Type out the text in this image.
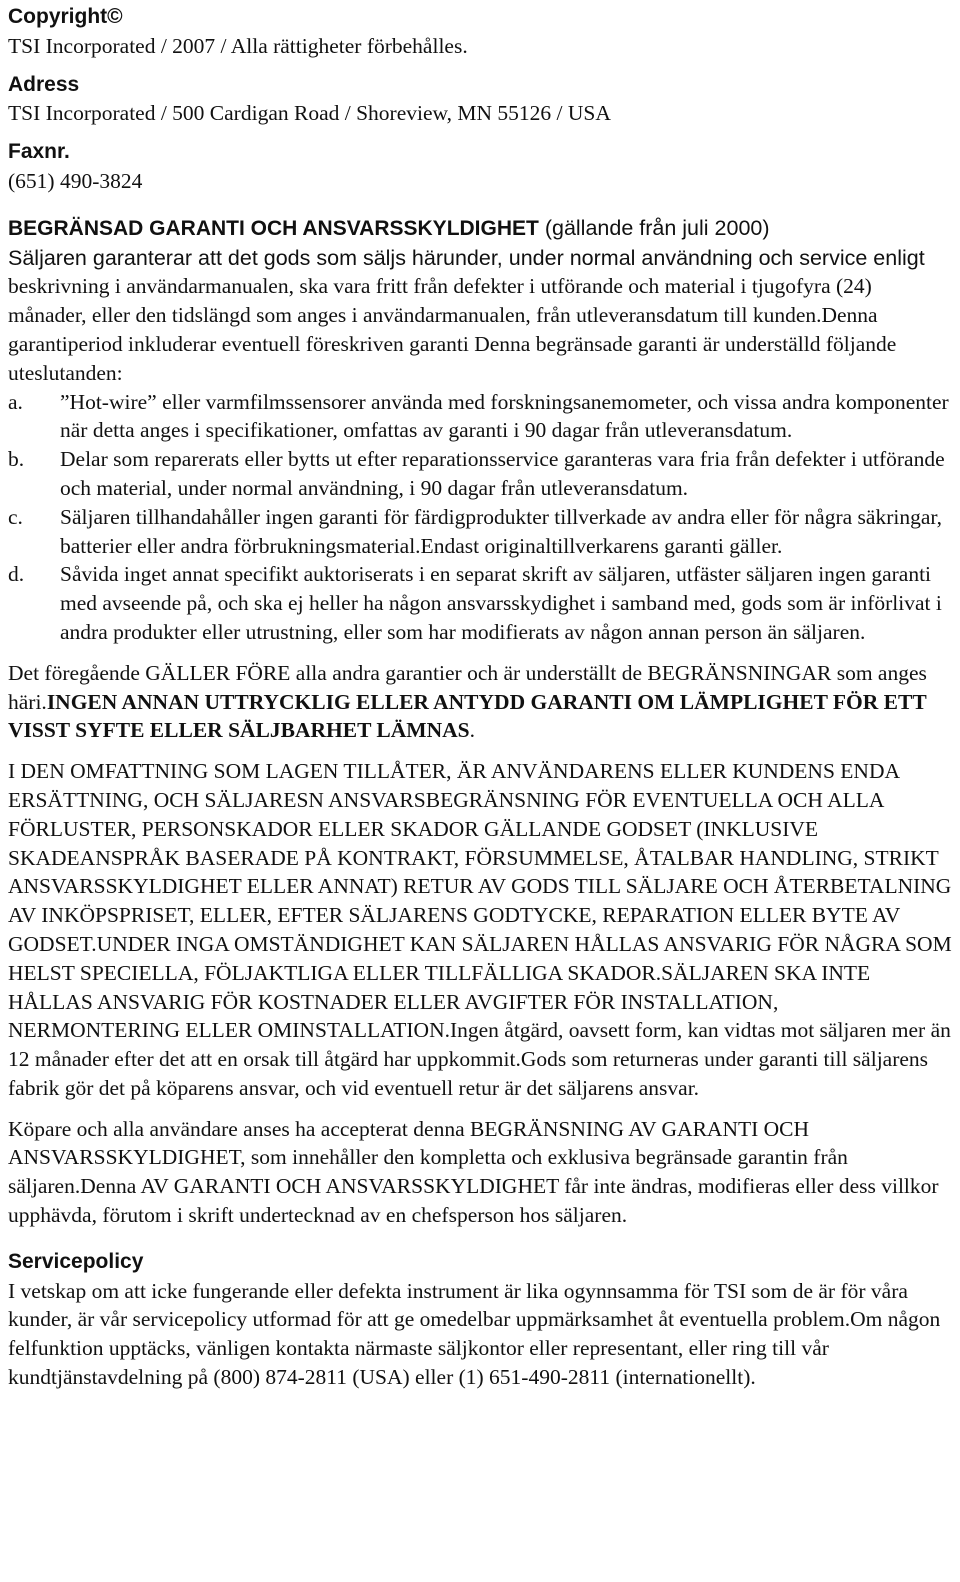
Copyright©
TSI Incorporated / 2007 / Alla rättigheter förbehålles.
Adress
TSI Incorporated / 500 Cardigan Road / Shoreview, MN 55126 / USA
Faxnr.
(651) 490-3824
BEGRÄNSAD GARANTI OCH ANSVARSSKYLDIGHET (gällande från juli 2000)
Säljaren garanterar att det gods som säljs härunder, under normal användning och service enligt
beskrivning i användarmanualen, ska vara fritt från defekter i utförande och material i tjugofyra (24) månader, eller den tidslängd som anges i användarmanualen, från utleveransdatum till kunden.Denna garantiperiod inkluderar eventuell föreskriven garanti Denna begränsade garanti är underställd följande uteslutanden:
a. ”Hot-wire” eller varmfilmssensorer använda med forskningsanemometer, och vissa andra komponenter när detta anges i specifikationer, omfattas av garanti i 90 dagar från utleveransdatum.
b. Delar som reparerats eller bytts ut efter reparationsservice garanteras vara fria från defekter i utförande och material, under normal användning, i 90 dagar från utleveransdatum.
c. Säljaren tillhandahåller ingen garanti för färdigprodukter tillverkade av andra eller för några säkringar, batterier eller andra förbrukningsmaterial.Endast originaltillverkarens garanti gäller.
d. Såvida inget annat specifikt auktoriserats i en separat skrift av säljaren, utfäster säljaren ingen garanti med avseende på, och ska ej heller ha någon ansvarsskydighet i samband med, gods som är införlivat i andra produkter eller utrustning, eller som har modifierats av någon annan person än säljaren.

Det föregående GÄLLER FÖRE alla andra garantier och är underställt de BEGRÄNSNINGAR som anges häri.INGEN ANNAN UTTRYCKLIG ELLER ANTYDD GARANTI OM LÄMPLIGHET FÖR ETT VISST SYFTE ELLER SÄLJBARHET LÄMNAS.

I DEN OMFATTNING SOM LAGEN TILLÅTER, ÄR ANVÄNDARENS ELLER KUNDENS ENDA ERSÄTTNING, OCH SÄLJARESN ANSVARSBEGRÄNSNING FÖR EVENTUELLA OCH ALLA FÖRLUSTER, PERSONSKADOR ELLER SKADOR GÄLLANDE GODSET (INKLUSIVE SKADEANSPRÅK BASERADE PÅ KONTRAKT, FÖRSUMMELSE, ÅTALBAR HANDLING, STRIKT ANSVARSSKYLDIGHET ELLER ANNAT) RETUR AV GODS TILL SÄLJARE OCH ÅTERBETALNING AV INKÖPSPRISET, ELLER, EFTER SÄLJARENS GODTYCKE, REPARATION ELLER BYTE AV GODSET.UNDER INGA OMSTÄNDIGHET KAN SÄLJAREN HÅLLAS ANSVARIG FÖR NÅGRA SOM HELST SPECIELLA, FÖLJAKTLIGA ELLER TILLFÄLLIGA SKADOR.SÄLJAREN SKA INTE HÅLLAS ANSVARIG FÖR KOSTNADER ELLER AVGIFTER FÖR INSTALLATION, NERMONTERING ELLER OMINSTALLATION.Ingen åtgärd, oavsett form, kan vidtas mot säljaren mer än 12 månader efter det att en orsak till åtgärd har uppkommit.Gods som returneras under garanti till säljarens fabrik gör det på köparens ansvar, och vid eventuell retur är det säljarens ansvar.

Köpare och alla användare anses ha accepterat denna BEGRÄNSNING AV GARANTI OCH ANSVARSSKYLDIGHET, som innehåller den kompletta och exklusiva begränsade garantin från säljaren.Denna AV GARANTI OCH ANSVARSSKYLDIGHET får inte ändras, modifieras eller dess villkor upphävda, förutom i skrift undertecknad av en chefsperson hos säljaren.

Servicepolicy

I vetskap om att icke fungerande eller defekta instrument är lika ogynnsamma för TSI som de är för våra kunder, är vår servicepolicy utformad för att ge omedelbar uppmärksamhet åt eventuella problem.Om någon felfunktion upptäcks, vänligen kontakta närmaste säljkontor eller representant, eller ring till vår kundtjänstavdelning på (800) 874-2811 (USA) eller (1) 651-490-2811 (internationellt).
